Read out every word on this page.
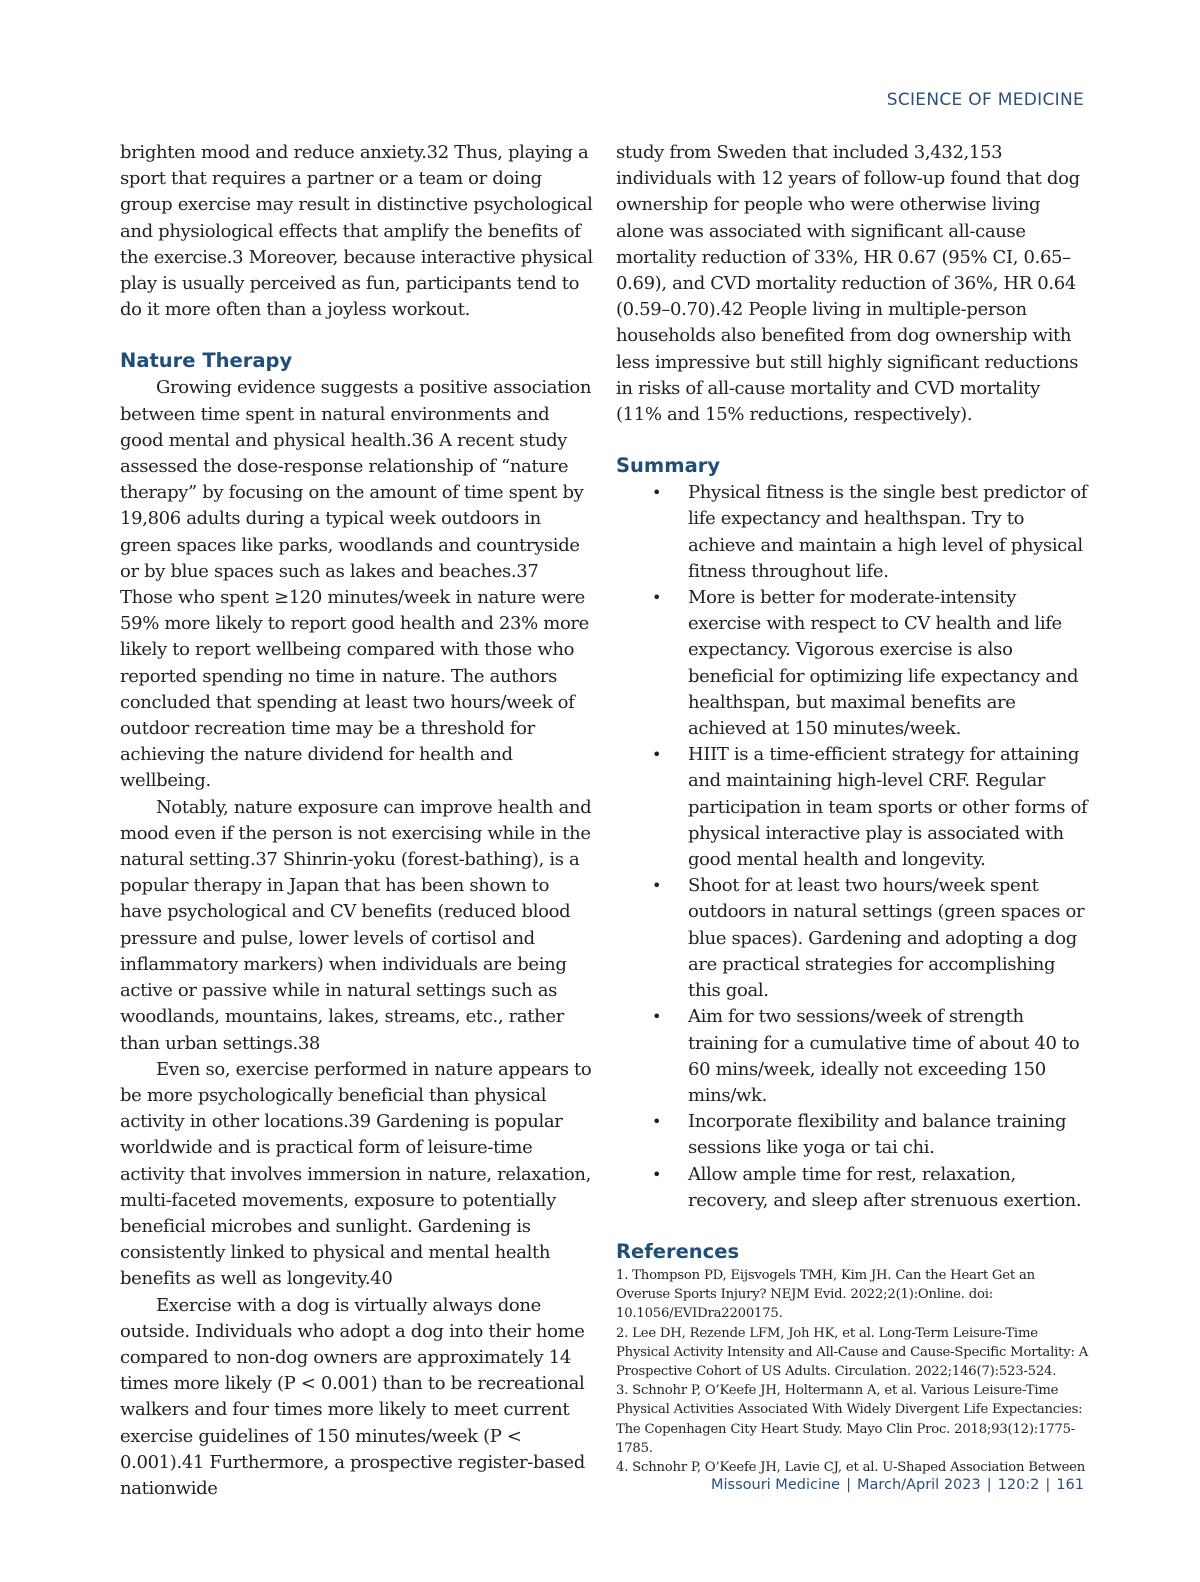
SCIENCE OF MEDICINE

brighten mood and reduce anxiety.32 Thus, playing a sport that requires a partner or a team or doing group exercise may result in distinctive psychological and physiological effects that amplify the benefits of the exercise.3 Moreover, because interactive physical play is usually perceived as fun, participants tend to do it more often than a joyless workout.

Nature Therapy

Growing evidence suggests a positive association between time spent in natural environments and good mental and physical health.36 A recent study assessed the dose-response relationship of “nature therapy” by focusing on the amount of time spent by 19,806 adults during a typical week outdoors in green spaces like parks, woodlands and countryside or by blue spaces such as lakes and beaches.37 Those who spent ≥120 minutes/week in nature were 59% more likely to report good health and 23% more likely to report wellbeing compared with those who reported spending no time in nature. The authors concluded that spending at least two hours/week of outdoor recreation time may be a threshold for achieving the nature dividend for health and wellbeing.

Notably, nature exposure can improve health and mood even if the person is not exercising while in the natural setting.37 Shinrin-yoku (forest-bathing), is a popular therapy in Japan that has been shown to have psychological and CV benefits (reduced blood pressure and pulse, lower levels of cortisol and inflammatory markers) when individuals are being active or passive while in natural settings such as woodlands, mountains, lakes, streams, etc., rather than urban settings.38

Even so, exercise performed in nature appears to be more psychologically beneficial than physical activity in other locations.39 Gardening is popular worldwide and is practical form of leisure-time activity that involves immersion in nature, relaxation, multi-faceted movements, exposure to potentially beneficial microbes and sunlight. Gardening is consistently linked to physical and mental health benefits as well as longevity.40

Exercise with a dog is virtually always done outside. Individuals who adopt a dog into their home compared to non-dog owners are approximately 14 times more likely (P < 0.001) than to be recreational walkers and four times more likely to meet current exercise guidelines of 150 minutes/week (P < 0.001).41 Furthermore, a prospective register-based nationwide

study from Sweden that included 3,432,153 individuals with 12 years of follow-up found that dog ownership for people who were otherwise living alone was associated with significant all-cause mortality reduction of 33%, HR 0.67 (95% CI, 0.65–0.69), and CVD mortality reduction of 36%, HR 0.64 (0.59–0.70).42 People living in multiple-person households also benefited from dog ownership with less impressive but still highly significant reductions in risks of all-cause mortality and CVD mortality (11% and 15% reductions, respectively).

Summary
• Physical fitness is the single best predictor of life expectancy and healthspan. Try to achieve and maintain a high level of physical fitness throughout life.
• More is better for moderate-intensity exercise with respect to CV health and life expectancy. Vigorous exercise is also beneficial for optimizing life expectancy and healthspan, but maximal benefits are achieved at 150 minutes/week.
• HIIT is a time-efficient strategy for attaining and maintaining high-level CRF. Regular participation in team sports or other forms of physical interactive play is associated with good mental health and longevity.
• Shoot for at least two hours/week spent outdoors in natural settings (green spaces or blue spaces). Gardening and adopting a dog are practical strategies for accomplishing this goal.
• Aim for two sessions/week of strength training for a cumulative time of about 40 to 60 mins/week, ideally not exceeding 150 mins/wk.
• Incorporate flexibility and balance training sessions like yoga or tai chi.
• Allow ample time for rest, relaxation, recovery, and sleep after strenuous exertion.
References

1. Thompson PD, Eijsvogels TMH, Kim JH. Can the Heart Get an Overuse Sports Injury? NEJM Evid. 2022;2(1):Online. doi: 10.1056/EVIDra2200175.

2. Lee DH, Rezende LFM, Joh HK, et al. Long-Term Leisure-Time Physical Activity Intensity and All-Cause and Cause-Specific Mortality: A Prospective Cohort of US Adults. Circulation. 2022;146(7):523-524.

3. Schnohr P, O’Keefe JH, Holtermann A, et al. Various Leisure-Time Physical Activities Associated With Widely Divergent Life Expectancies: The Copenhagen City Heart Study. Mayo Clin Proc. 2018;93(12):1775-1785.

4. Schnohr P, O’Keefe JH, Lavie CJ, et al. U-Shaped Association Between

Missouri Medicine | March/April 2023 | 120:2 | 161
